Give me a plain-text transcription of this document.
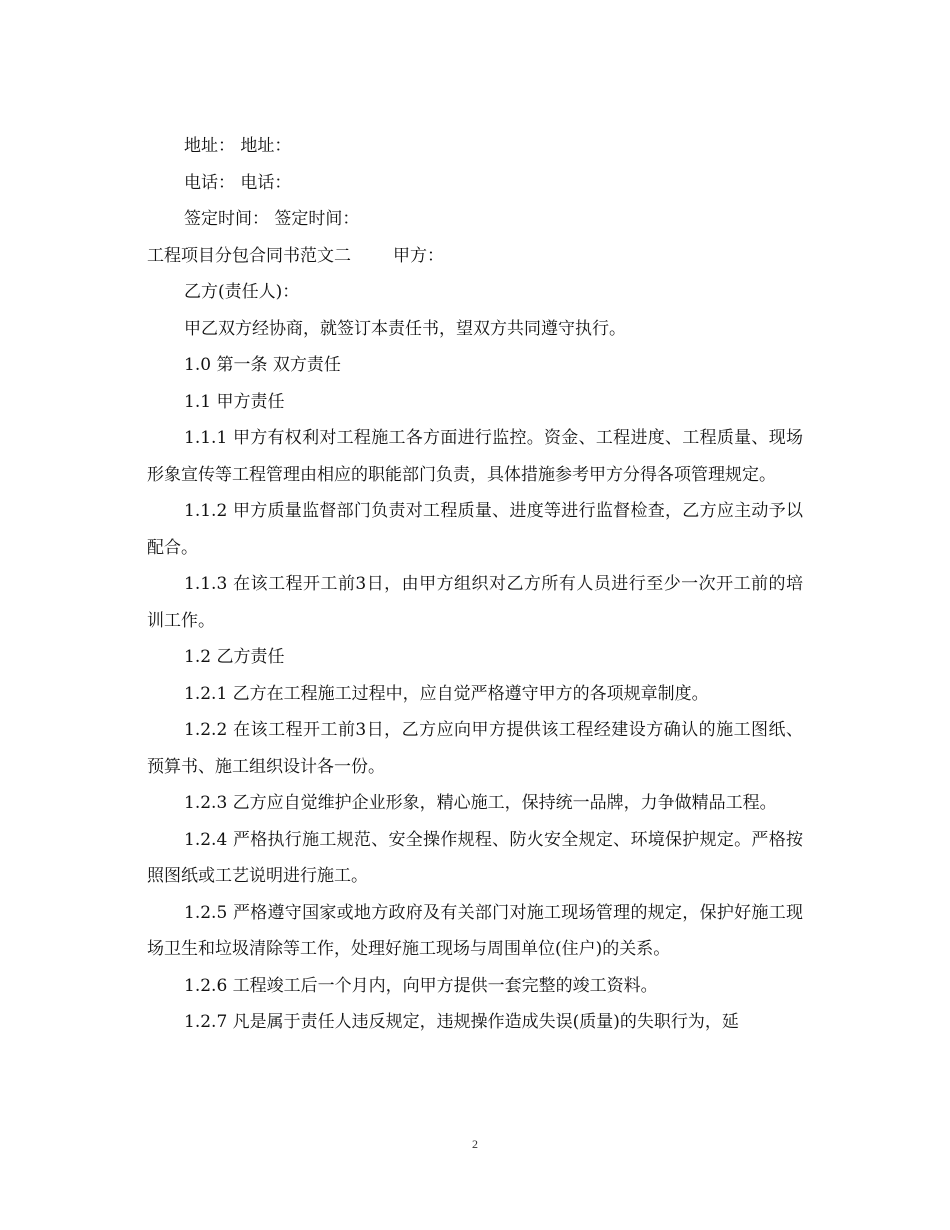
地址： 地址：

电话： 电话：

签定时间： 签定时间：

工程项目分包合同书范文二 甲方：

乙方(责任人)：

甲乙双方经协商，就签订本责任书，望双方共同遵守执行。

1.0 第一条 双方责任

1.1 甲方责任

1.1.1 甲方有权利对工程施工各方面进行监控。资金、工程进度、工程质量、现场形象宣传等工程管理由相应的职能部门负责，具体措施参考甲方分得各项管理规定。

1.1.2 甲方质量监督部门负责对工程质量、进度等进行监督检查，乙方应主动予以配合。

1.1.3 在该工程开工前3日，由甲方组织对乙方所有人员进行至少一次开工前的培训工作。

1.2 乙方责任

1.2.1 乙方在工程施工过程中，应自觉严格遵守甲方的各项规章制度。

1.2.2 在该工程开工前3日，乙方应向甲方提供该工程经建设方确认的施工图纸、预算书、施工组织设计各一份。

1.2.3 乙方应自觉维护企业形象，精心施工，保持统一品牌，力争做精品工程。

1.2.4 严格执行施工规范、安全操作规程、防火安全规定、环境保护规定。严格按照图纸或工艺说明进行施工。

1.2.5 严格遵守国家或地方政府及有关部门对施工现场管理的规定，保护好施工现场卫生和垃圾清除等工作，处理好施工现场与周围单位(住户)的关系。

1.2.6 工程竣工后一个月内，向甲方提供一套完整的竣工资料。

1.2.7 凡是属于责任人违反规定，违规操作造成失误(质量)的失职行为，延

2
